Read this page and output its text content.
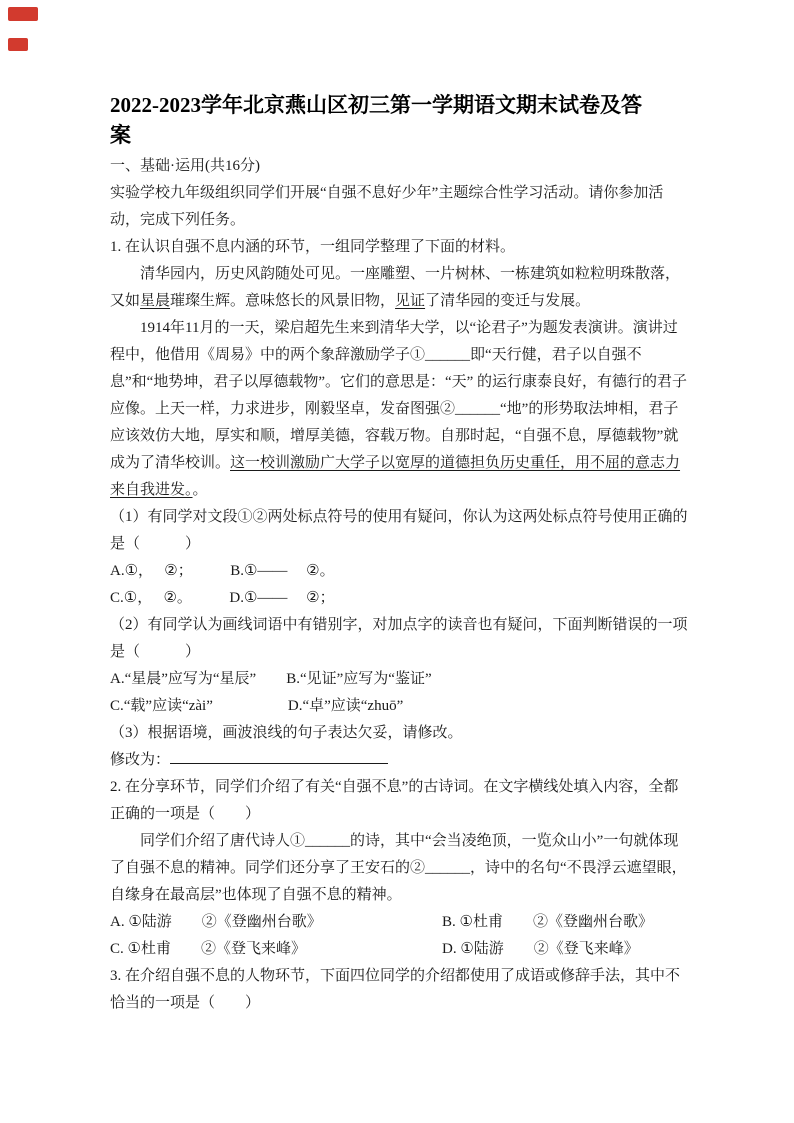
2022-2023学年北京燕山区初三第一学期语文期末试卷及答案

一、基础·运用(共16分)

实验学校九年级组织同学们开展“自强不息好少年”主题综合性学习活动。请你参加活动，完成下列任务。

1. 在认识自强不息内涵的环节，一组同学整理了下面的材料。

清华园内，历史风韵随处可见。一座雕塑、一片树林、一栋建筑如粒粒明珠散落，又如星晨璀璨生辉。意味悠长的风景旧物，见证了清华园的变迁与发展。

1914年11月的一天，梁启超先生来到清华大学，以“论君子”为题发表演讲。演讲过程中，他借用《周易》中的两个象辞激励学子①______即“天行健，君子以自强不息”和“地势坤，君子以厚德载物”。它们的意思是：“天” 的运行康泰良好，有德行的君子应像。上天一样，力求进步，刚毅坚卓，发奋图强②______“地”的形势取法坤相，君子应该效仿大地，厚实和顺，增厚美德，容载万物。自那时起，“自强不息，厚德载物”就成为了清华校训。这一校训激励广大学子以宽厚的道德担负历史重任，用不屈的意志力来自我进发。。

（1）有同学对文段①②两处标点符号的使用有疑问，你认为这两处标点符号使用正确的是（　　　）

A.①，　 ②；　　　B.①——　 ②。

C.①，　 ②。　　　D.①——　 ②；

（2）有同学认为画线词语中有错别字，对加点字的读音也有疑问，下面判断错误的一项是（　　　）

A.“星晨”应写为“星辰”　　B.“见证”应写为“鉴证”

C.“载”应读“zài”　　　　　D.“卓”应读“zhuō”

（3）根据语境，画波浪线的句子表达欠妥，请修改。

修改为：

2. 在分享环节，同学们介绍了有关“自强不息”的古诗词。在文字横线处填入内容，全都正确的一项是（　　）

同学们介绍了唐代诗人①______的诗，其中“会当凌绝顶，一览众山小”一句就体现了自强不息的精神。同学们还分享了王安石的②______，诗中的名句“不畏浮云遮望眼，自缘身在最高层”也体现了自强不息的精神。

A. ①陆游　　②《登幽州台歌》	B. ①杜甫　　②《登幽州台歌》
C. ①杜甫　　②《登飞来峰》	D. ①陆游　　②《登飞来峰》

3. 在介绍自强不息的人物环节，下面四位同学的介绍都使用了成语或修辞手法，其中不恰当的一项是（　　）
